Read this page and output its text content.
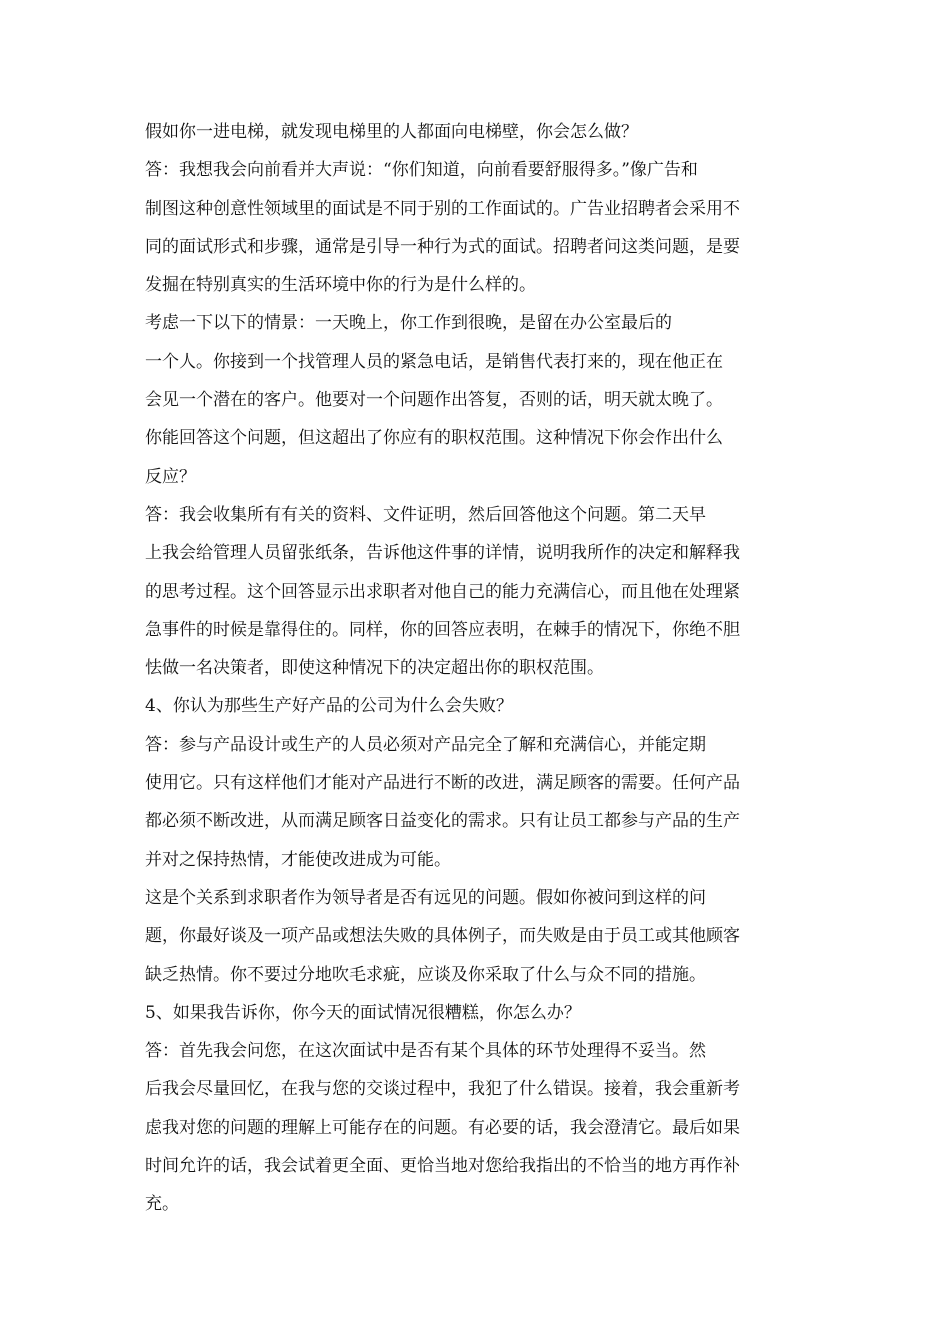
假如你一进电梯，就发现电梯里的人都面向电梯壁，你会怎么做？
答：我想我会向前看并大声说：“你们知道，向前看要舒服得多。”像广告和
制图这种创意性领域里的面试是不同于别的工作面试的。广告业招聘者会采用不
同的面试形式和步骤，通常是引导一种行为式的面试。招聘者问这类问题，是要
发掘在特别真实的生活环境中你的行为是什么样的。
考虑一下以下的情景：一天晚上，你工作到很晚，是留在办公室最后的
一个人。你接到一个找管理人员的紧急电话，是销售代表打来的，现在他正在
会见一个潜在的客户。他要对一个问题作出答复，否则的话，明天就太晚了。
你能回答这个问题，但这超出了你应有的职权范围。这种情况下你会作出什么
反应？
答：我会收集所有有关的资料、文件证明，然后回答他这个问题。第二天早
上我会给管理人员留张纸条，告诉他这件事的详情，说明我所作的决定和解释我
的思考过程。这个回答显示出求职者对他自己的能力充满信心，而且他在处理紧
急事件的时候是靠得住的。同样，你的回答应表明，在棘手的情况下，你绝不胆
怯做一名决策者，即使这种情况下的决定超出你的职权范围。
4、你认为那些生产好产品的公司为什么会失败？
答：参与产品设计或生产的人员必须对产品完全了解和充满信心，并能定期
使用它。只有这样他们才能对产品进行不断的改进，满足顾客的需要。任何产品
都必须不断改进，从而满足顾客日益变化的需求。只有让员工都参与产品的生产
并对之保持热情，才能使改进成为可能。
这是个关系到求职者作为领导者是否有远见的问题。假如你被问到这样的问
题，你最好谈及一项产品或想法失败的具体例子，而失败是由于员工或其他顾客
缺乏热情。你不要过分地吹毛求疵，应谈及你采取了什么与众不同的措施。
5、如果我告诉你，你今天的面试情况很糟糕，你怎么办？
答：首先我会问您，在这次面试中是否有某个具体的环节处理得不妥当。然
后我会尽量回忆，在我与您的交谈过程中，我犯了什么错误。接着，我会重新考
虑我对您的问题的理解上可能存在的问题。有必要的话，我会澄清它。最后如果
时间允许的话，我会试着更全面、更恰当地对您给我指出的不恰当的地方再作补
充。
